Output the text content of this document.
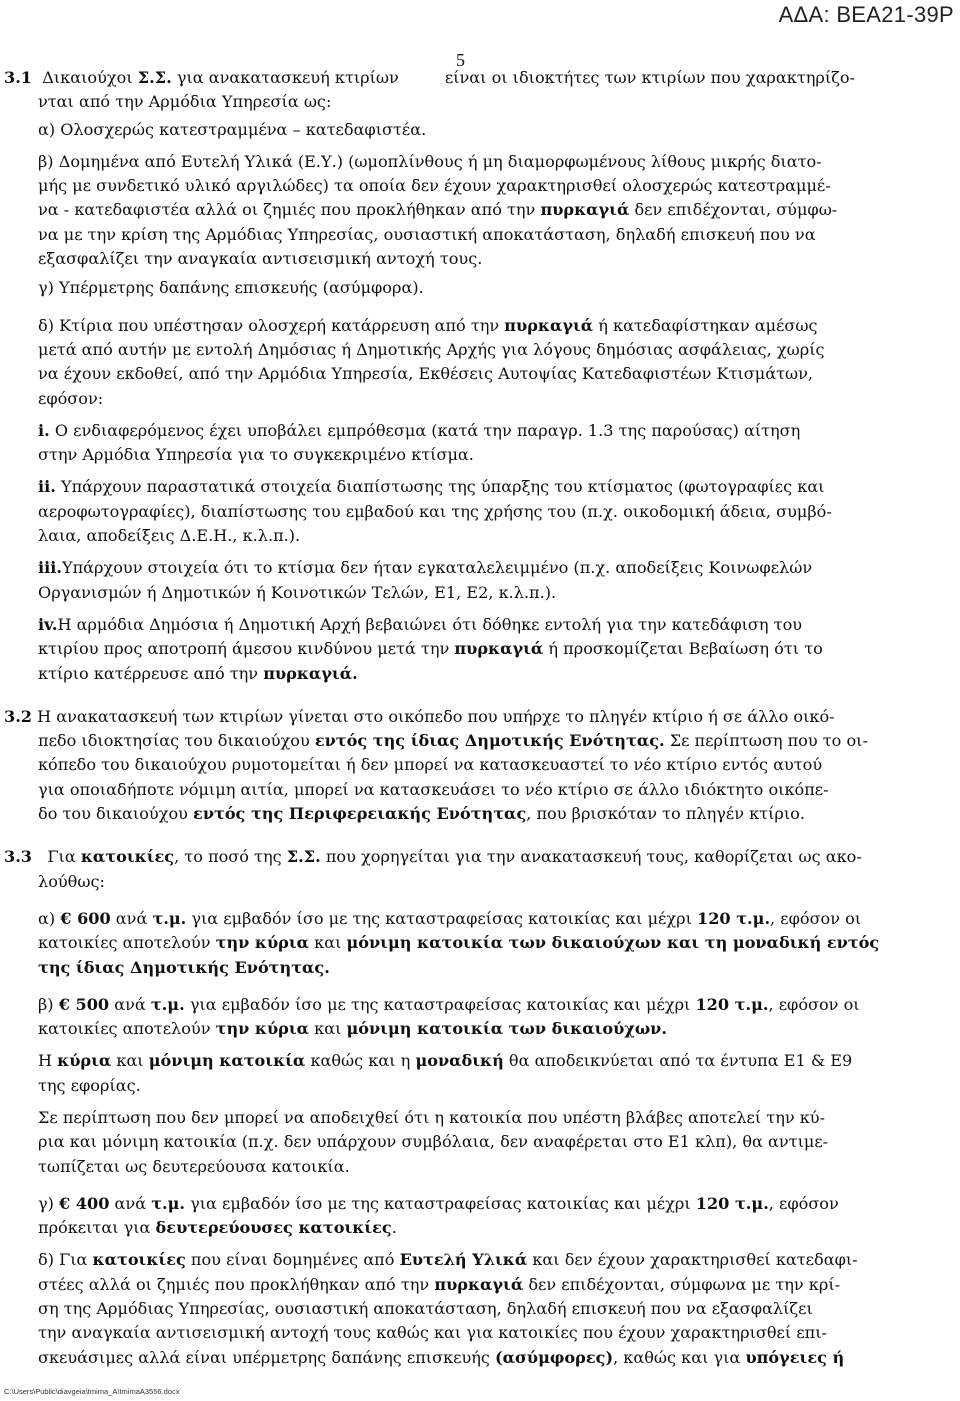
ΑΔΑ: ΒΕΑ21-39Ρ
5
3.1 Δικαιούχοι Σ.Σ. για ανακατασκευή κτιρίων	είναι οι ιδιοκτήτες των κτιρίων που χαρακτηρίζο-
νται από την Αρμόδια Υπηρεσία ως:
α) Ολοσχερώς κατεστραμμένα – κατεδαφιστέα.
β) Δομημένα από Ευτελή Υλικά (Ε.Υ.) (ωμοπλίνθους ή μη διαμορφωμένους λίθους μικρής διατο-
μής με συνδετικό υλικό αργιλώδες) τα οποία δεν έχουν χαρακτηρισθεί ολοσχερώς κατεστραμμέ-
να - κατεδαφιστέα αλλά οι ζημιές που προκλήθηκαν από την πυρκαγιά δεν επιδέχονται, σύμφω-
να με την κρίση της Αρμόδιας Υπηρεσίας, ουσιαστική αποκατάσταση, δηλαδή επισκευή που να
εξασφαλίζει την αναγκαία αντισεισμική αντοχή τους.
γ) Υπέρμετρης δαπάνης επισκευής (ασύμφορα).
δ) Κτίρια που υπέστησαν ολοσχερή κατάρρευση από την πυρκαγιά ή κατεδαφίστηκαν αμέσως
μετά από αυτήν με εντολή Δημόσιας ή Δημοτικής Αρχής για λόγους δημόσιας ασφάλειας, χωρίς
να έχουν εκδοθεί, από την Αρμόδια Υπηρεσία, Εκθέσεις Αυτοψίας Κατεδαφιστέων Κτισμάτων,
εφόσον:
i. Ο ενδιαφερόμενος έχει υποβάλει εμπρόθεσμα (κατά την παραγρ. 1.3 της παρούσας) αίτηση
στην Αρμόδια Υπηρεσία για το συγκεκριμένο κτίσμα.
ii. Υπάρχουν παραστατικά στοιχεία διαπίστωσης της ύπαρξης του κτίσματος (φωτογραφίες και
αεροφωτογραφίες), διαπίστωσης του εμβαδού και της χρήσης του (π.χ. οικοδομική άδεια, συμβό-
λαια, αποδείξεις Δ.Ε.Η., κ.λ.π.).
iii.Υπάρχουν στοιχεία ότι το κτίσμα δεν ήταν εγκαταλελειμμένο (π.χ. αποδείξεις Κοινωφελών
Οργανισμών ή Δημοτικών ή Κοινοτικών Τελών, Ε1, Ε2, κ.λ.π.).
iv.Η αρμόδια Δημόσια ή Δημοτική Αρχή βεβαιώνει ότι δόθηκε εντολή για την κατεδάφιση του
κτιρίου προς αποτροπή άμεσου κινδύνου μετά την πυρκαγιά ή προσκομίζεται Βεβαίωση ότι το
κτίριο κατέρρευσε από την πυρκαγιά.
3.2 Η ανακατασκευή των κτιρίων γίνεται στο οικόπεδο που υπήρχε το πληγέν κτίριο ή σε άλλο οικό-
πεδο ιδιοκτησίας του δικαιούχου εντός της ίδιας Δημοτικής Ενότητας. Σε περίπτωση που το οι-
κόπεδο του δικαιούχου ρυμοτομείται ή δεν μπορεί να κατασκευαστεί το νέο κτίριο εντός αυτού
για οποιαδήποτε νόμιμη αιτία, μπορεί να κατασκευάσει το νέο κτίριο σε άλλο ιδιόκτητο οικόπε-
δο του δικαιούχου εντός της Περιφερειακής Ενότητας, που βρισκόταν το πληγέν κτίριο.
3.3 Για κατοικίες, το ποσό της Σ.Σ. που χορηγείται για την ανακατασκευή τους, καθορίζεται ως ακο-
λούθως:
α) € 600 ανά τ.μ. για εμβαδόν ίσο με της καταστραφείσας κατοικίας και μέχρι 120 τ.μ., εφόσον οι
κατοικίες αποτελούν την κύρια και μόνιμη κατοικία των δικαιούχων και τη μοναδική εντός
της ίδιας Δημοτικής Ενότητας.
β) € 500 ανά τ.μ. για εμβαδόν ίσο με της καταστραφείσας κατοικίας και μέχρι 120 τ.μ., εφόσον οι
κατοικίες αποτελούν την κύρια και μόνιμη κατοικία των δικαιούχων.
Η κύρια και μόνιμη κατοικία καθώς και η μοναδική θα αποδεικνύεται από τα έντυπα Ε1 & Ε9
της εφορίας.
Σε περίπτωση που δεν μπορεί να αποδειχθεί ότι η κατοικία που υπέστη βλάβες αποτελεί την κύ-
ρια και μόνιμη κατοικία (π.χ. δεν υπάρχουν συμβόλαια, δεν αναφέρεται στο Ε1 κλπ), θα αντιμε-
τωπίζεται ως δευτερεύουσα κατοικία.
γ) € 400 ανά τ.μ. για εμβαδόν ίσο με της καταστραφείσας κατοικίας και μέχρι 120 τ.μ., εφόσον
πρόκειται για δευτερεύουσες κατοικίες.
δ) Για κατοικίες που είναι δομημένες από Ευτελή Υλικά και δεν έχουν χαρακτηρισθεί κατεδαφι-
στέες αλλά οι ζημιές που προκλήθηκαν από την πυρκαγιά δεν επιδέχονται, σύμφωνα με την κρί-
ση της Αρμόδιας Υπηρεσίας, ουσιαστική αποκατάσταση, δηλαδή επισκευή που να εξασφαλίζει
την αναγκαία αντισεισμική αντοχή τους καθώς και για κατοικίες που έχουν χαρακτηρισθεί επι-
σκευάσιμες αλλά είναι υπέρμετρης δαπάνης επισκευής (ασύμφορες), καθώς και για υπόγειες ή
C:\Users\Public\diavgeia\tmima_A\tmimaA3556.docx
